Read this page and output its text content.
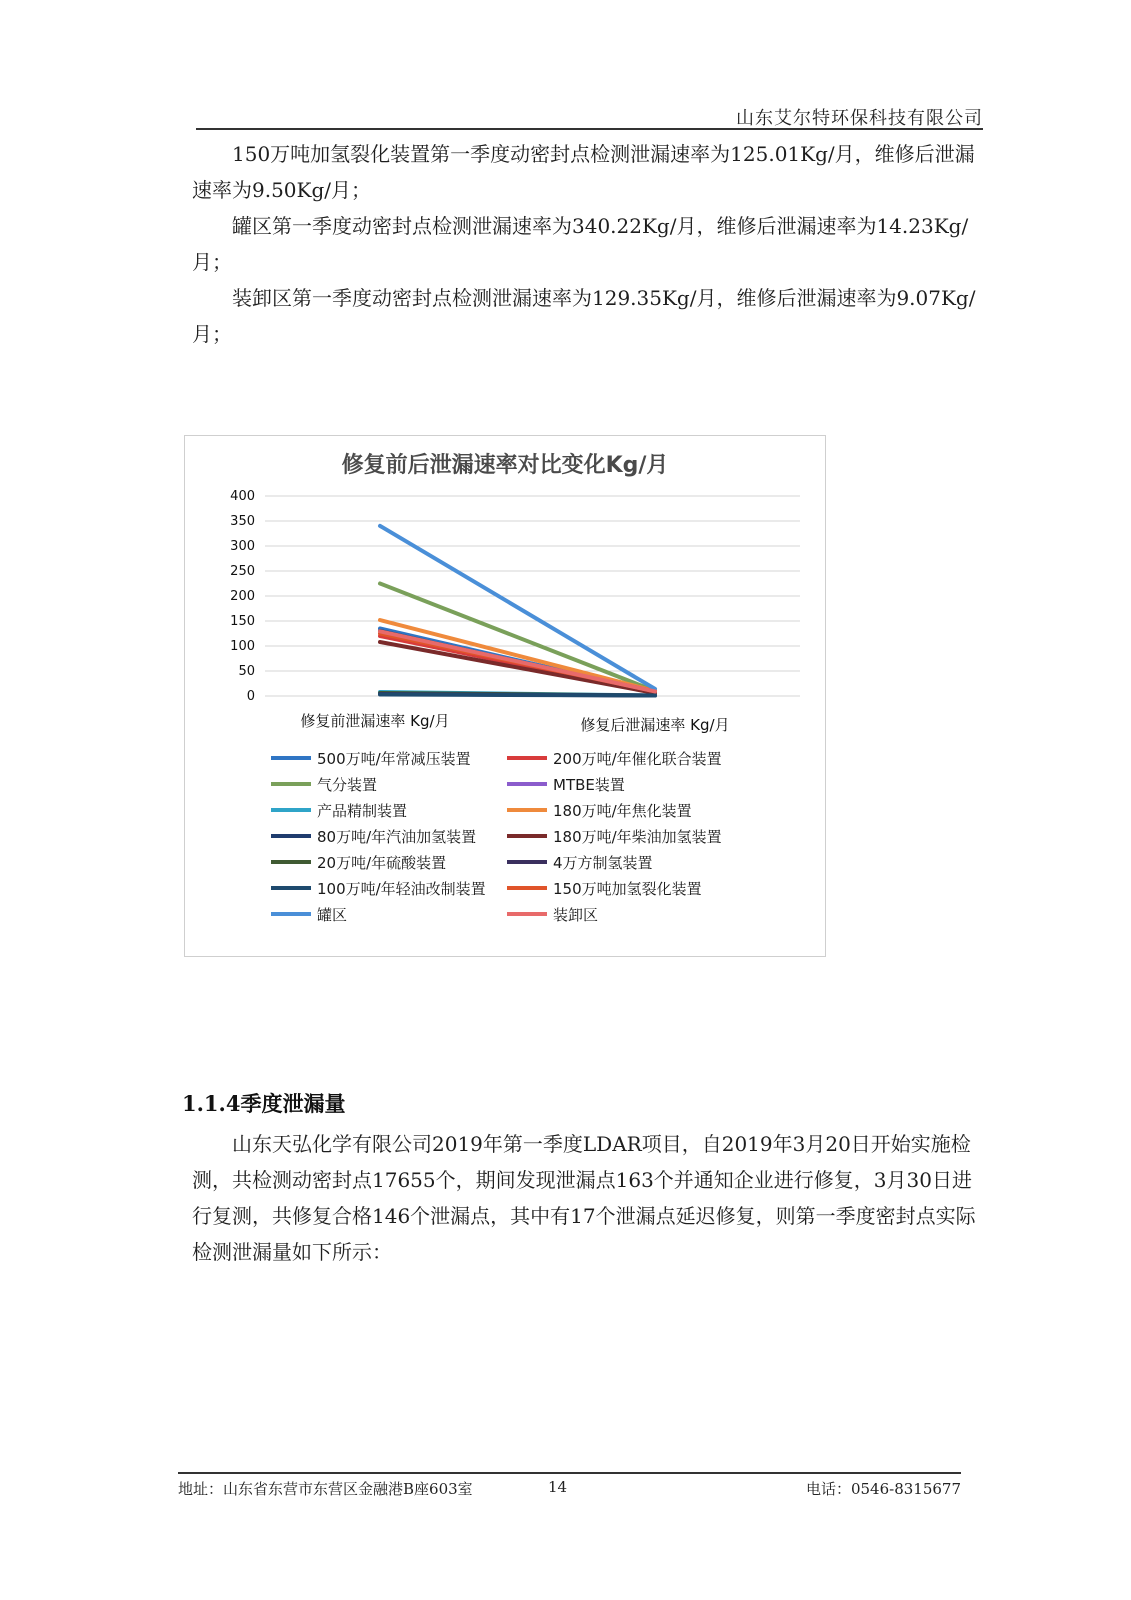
山东艾尔特环保科技有限公司

150万吨加氢裂化装置第一季度动密封点检测泄漏速率为125.01Kg/月，维修后泄漏速率为9.50Kg/月；

罐区第一季度动密封点检测泄漏速率为340.22Kg/月，维修后泄漏速率为14.23Kg/月；

装卸区第一季度动密封点检测泄漏速率为129.35Kg/月，维修后泄漏速率为9.07Kg/月；

修复前后泄漏速率对比变化Kg/月
0
50
100
150
200
250
300
350
400
修复前泄漏速率 Kg/月	修复后泄漏速率 Kg/月
500万吨/年常减压装置	200万吨/年催化联合装置
气分装置	MTBE装置
产品精制装置	180万吨/年焦化装置
80万吨/年汽油加氢装置	180万吨/年柴油加氢装置
20万吨/年硫酸装置	4万方制氢装置
100万吨/年轻油改制装置	150万吨加氢裂化装置
罐区	装卸区
1.1.4季度泄漏量

山东天弘化学有限公司2019年第一季度LDAR项目，自2019年3月20日开始实施检测，共检测动密封点17655个，期间发现泄漏点163个并通知企业进行修复，3月30日进行复测，共修复合格146个泄漏点，其中有17个泄漏点延迟修复，则第一季度密封点实际检测泄漏量如下所示：

地址：山东省东营市东营区金融港B座603室	14	电话：0546-8315677
